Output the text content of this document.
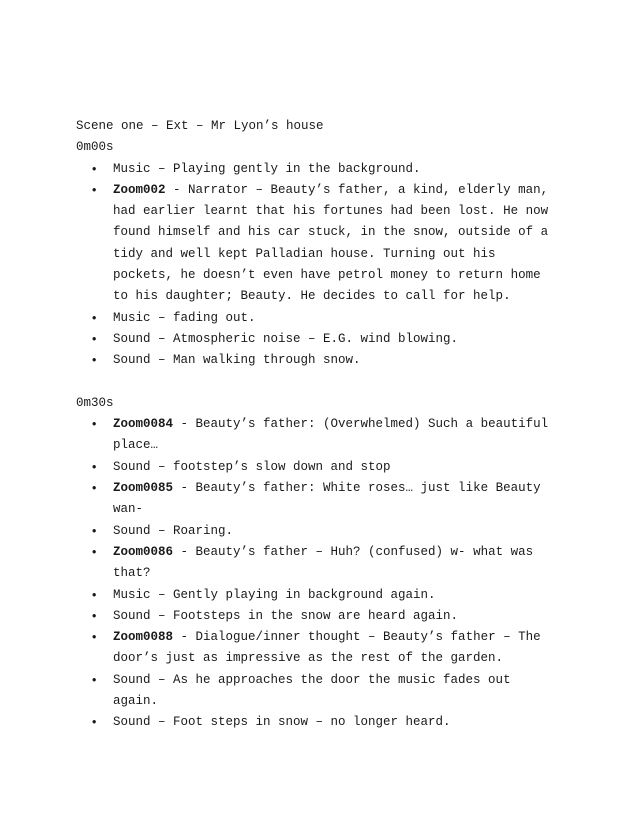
Scene one – Ext – Mr Lyon’s house

0m00s

• Music – Playing gently in the background.
• Zoom002 - Narrator – Beauty’s father, a kind, elderly man,
had earlier learnt that his fortunes had been lost. He now
found himself and his car stuck, in the snow, outside of a
tidy and well kept Palladian house. Turning out his
pockets, he doesn’t even have petrol money to return home
to his daughter; Beauty. He decides to call for help.
• Music – fading out.
• Sound – Atmospheric noise – E.G. wind blowing.
• Sound – Man walking through snow.

0m30s

• Zoom0084 - Beauty’s father: (Overwhelmed) Such a beautiful
place…
• Sound – footstep’s slow down and stop
• Zoom0085 - Beauty’s father: White roses… just like Beauty
wan-
• Sound – Roaring.
• Zoom0086 - Beauty’s father – Huh? (confused) w- what was
that?
• Music – Gently playing in background again.
• Sound – Footsteps in the snow are heard again.
• Zoom0088 - Dialogue/inner thought – Beauty’s father – The
door’s just as impressive as the rest of the garden.
• Sound – As he approaches the door the music fades out
again.
• Sound – Foot steps in snow – no longer heard.
